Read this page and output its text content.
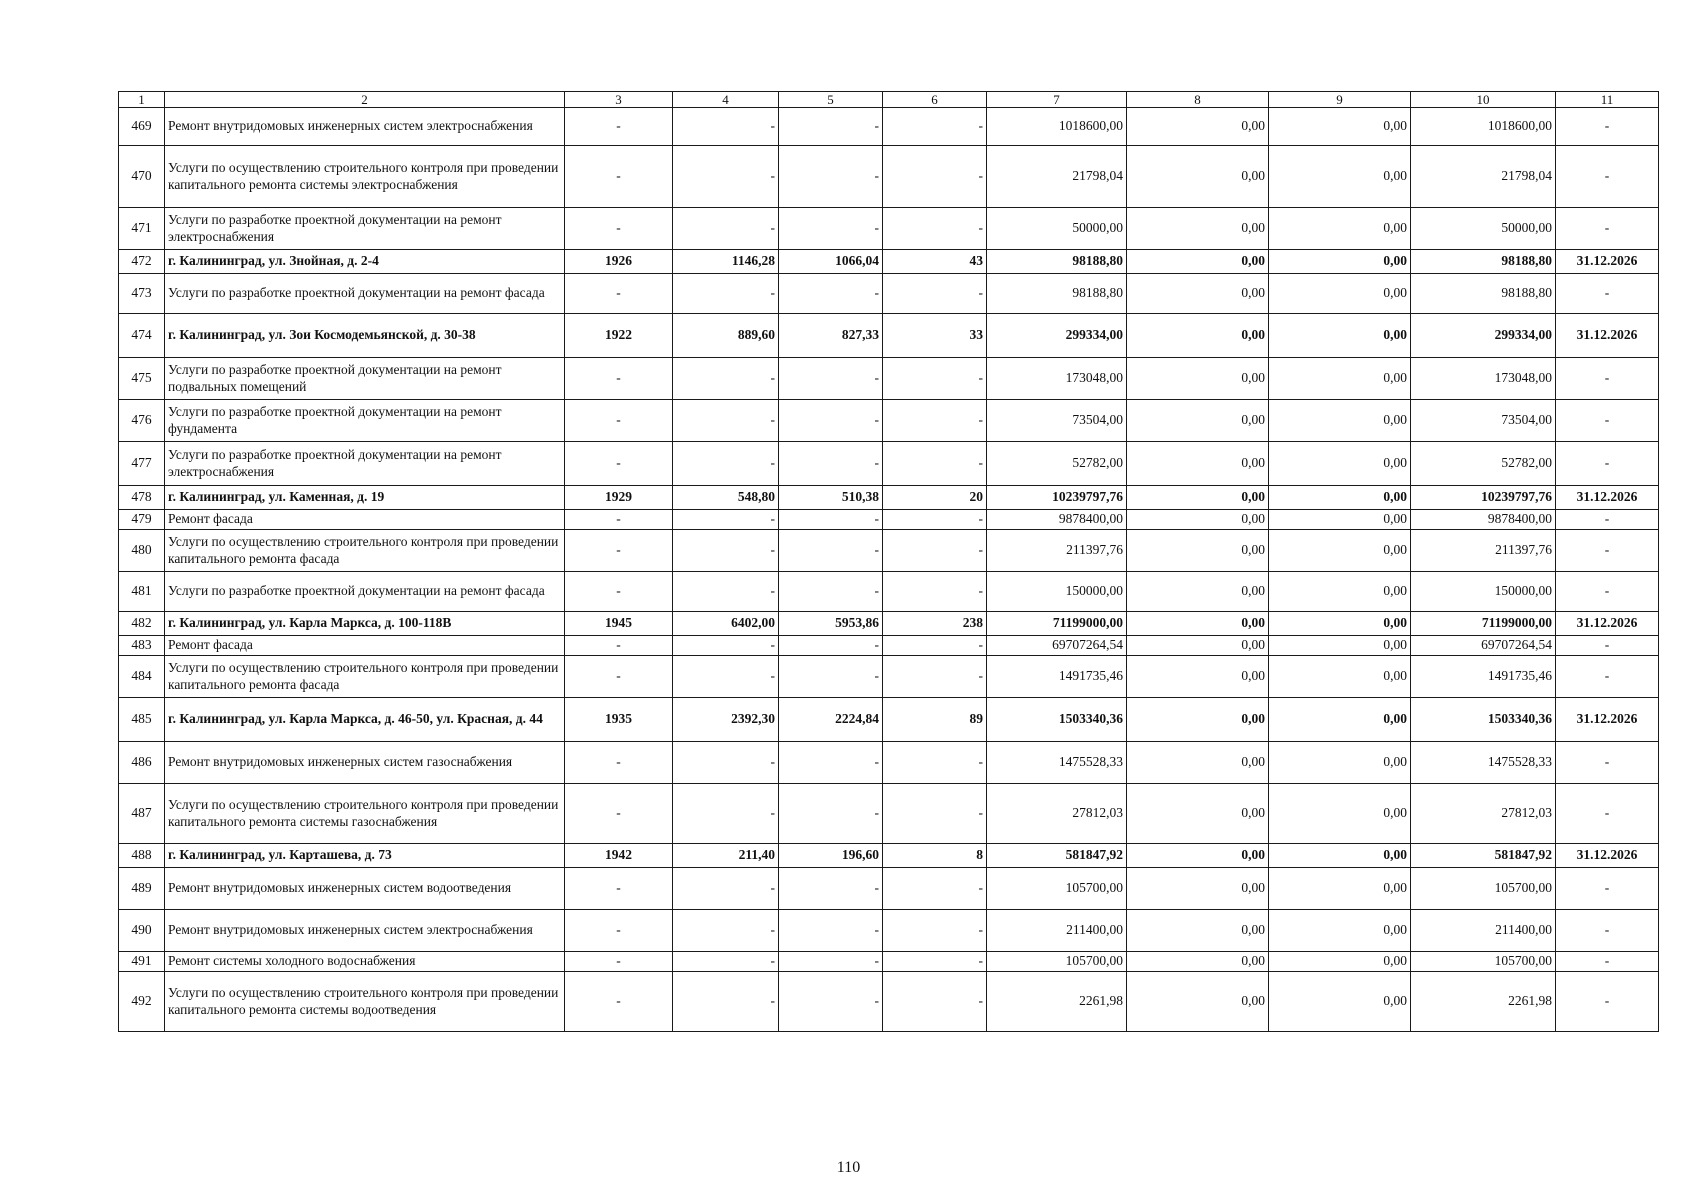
1	2	3	4	5	6	7	8	9	10	11
469	Ремонт внутридомовых инженерных систем электроснабжения	-	-	-	-	1018600,00	0,00	0,00	1018600,00	-
470	Услуги по осуществлению строительного контроля при проведении капитального ремонта системы электроснабжения	-	-	-	-	21798,04	0,00	0,00	21798,04	-
471	Услуги по разработке проектной документации на ремонт электроснабжения	-	-	-	-	50000,00	0,00	0,00	50000,00	-
472	г. Калининград, ул. Знойная, д. 2-4	1926	1146,28	1066,04	43	98188,80	0,00	0,00	98188,80	31.12.2026
473	Услуги по разработке проектной документации на ремонт фасада	-	-	-	-	98188,80	0,00	0,00	98188,80	-
474	г. Калининград, ул. Зои Космодемьянской, д. 30-38	1922	889,60	827,33	33	299334,00	0,00	0,00	299334,00	31.12.2026
475	Услуги по разработке проектной документации на ремонт подвальных помещений	-	-	-	-	173048,00	0,00	0,00	173048,00	-
476	Услуги по разработке проектной документации на ремонт фундамента	-	-	-	-	73504,00	0,00	0,00	73504,00	-
477	Услуги по разработке проектной документации на ремонт электроснабжения	-	-	-	-	52782,00	0,00	0,00	52782,00	-
478	г. Калининград, ул. Каменная, д. 19	1929	548,80	510,38	20	10239797,76	0,00	0,00	10239797,76	31.12.2026
479	Ремонт фасада	-	-	-	-	9878400,00	0,00	0,00	9878400,00	-
480	Услуги по осуществлению строительного контроля при проведении капитального ремонта фасада	-	-	-	-	211397,76	0,00	0,00	211397,76	-
481	Услуги по разработке проектной документации на ремонт фасада	-	-	-	-	150000,00	0,00	0,00	150000,00	-
482	г. Калининград, ул. Карла Маркса, д. 100-118В	1945	6402,00	5953,86	238	71199000,00	0,00	0,00	71199000,00	31.12.2026
483	Ремонт фасада	-	-	-	-	69707264,54	0,00	0,00	69707264,54	-
484	Услуги по осуществлению строительного контроля при проведении капитального ремонта фасада	-	-	-	-	1491735,46	0,00	0,00	1491735,46	-
485	г. Калининград, ул. Карла Маркса, д. 46-50, ул. Красная, д. 44	1935	2392,30	2224,84	89	1503340,36	0,00	0,00	1503340,36	31.12.2026
486	Ремонт внутридомовых инженерных систем газоснабжения	-	-	-	-	1475528,33	0,00	0,00	1475528,33	-
487	Услуги по осуществлению строительного контроля при проведении капитального ремонта системы газоснабжения	-	-	-	-	27812,03	0,00	0,00	27812,03	-
488	г. Калининград, ул. Карташева, д. 73	1942	211,40	196,60	8	581847,92	0,00	0,00	581847,92	31.12.2026
489	Ремонт внутридомовых инженерных систем водоотведения	-	-	-	-	105700,00	0,00	0,00	105700,00	-
490	Ремонт внутридомовых инженерных систем электроснабжения	-	-	-	-	211400,00	0,00	0,00	211400,00	-
491	Ремонт системы холодного водоснабжения	-	-	-	-	105700,00	0,00	0,00	105700,00	-
492	Услуги по осуществлению строительного контроля при проведении капитального ремонта системы водоотведения	-	-	-	-	2261,98	0,00	0,00	2261,98	-
110
